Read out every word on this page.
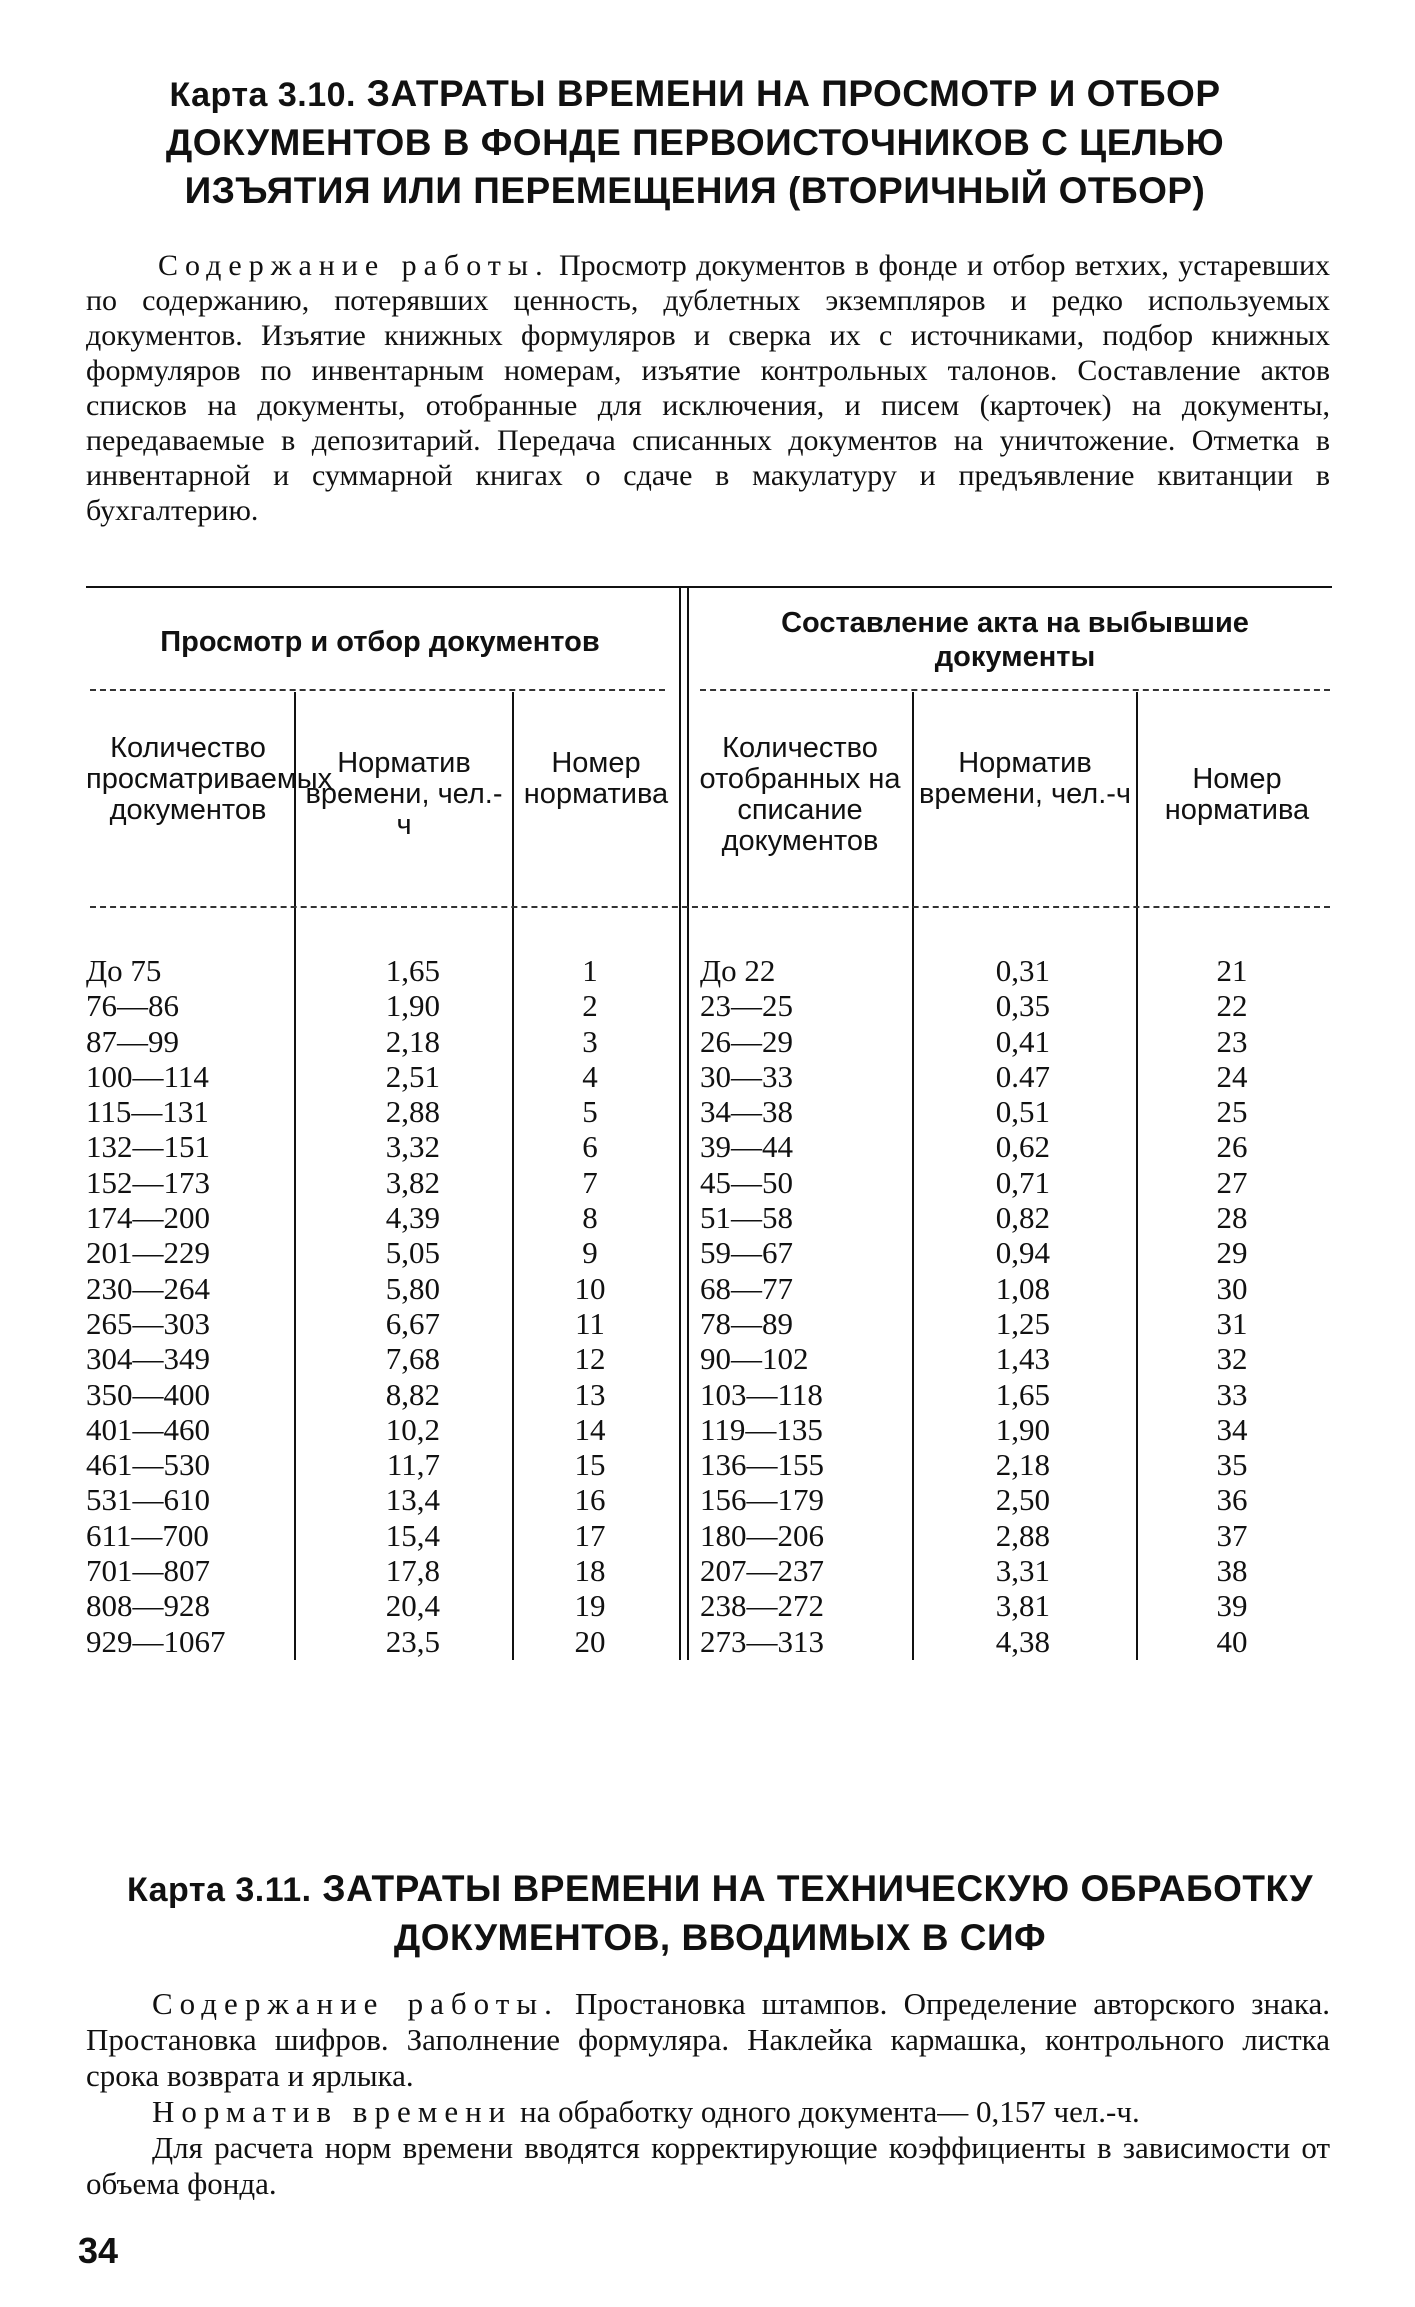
Карта 3.10. ЗАТРАТЫ ВРЕМЕНИ НА ПРОСМОТР И ОТБОР
ДОКУМЕНТОВ В ФОНДЕ ПЕРВОИСТОЧНИКОВ С ЦЕЛЬЮ
ИЗЪЯТИЯ ИЛИ ПЕРЕМЕЩЕНИЯ (ВТОРИЧНЫЙ ОТБОР)
Содержание работы. Просмотр документов в фонде и отбор ветхих, устаревших по содержанию, потерявших ценность, дублетных экземпляров и редко используемых документов. Изъятие книжных формуляров и сверка их с источниками, подбор книжных формуляров по инвентарным номерам, изъятие контрольных талонов. Составление актов списков на документы, отобранные для исключения, и писем (карточек) на документы, передаваемые в депозитарий. Передача списанных документов на уничтожение. Отметка в инвентарной и суммарной книгах о сдаче в макулатуру и предъявление квитанции в бухгалтерию.
Просмотр и отбор документов
Составление акта на выбывшие документы
Количество просматриваемых документов
Норматив времени, чел.-ч
Номер норматива
Количество отобранных на списание документов
Норматив времени, чел.-ч	Номер норматива
До 75
76—86
87—99
100—114
115—131
132—151
152—173
174—200
201—229
230—264
265—303
304—349
350—400
401—460
461—530
531—610
611—700
701—807
808—928
929—1067
1,65
1,90
2,18
2,51
2,88
3,32
3,82
4,39
5,05
5,80
6,67
7,68
8,82
10,2
11,7
13,4
15,4
17,8
20,4
23,5
1
2
3
4
5
6
7
8
9
10
11
12
13
14
15
16
17
18
19
20
До 22
23—25
26—29
30—33
34—38
39—44
45—50
51—58
59—67
68—77
78—89
90—102
103—118
119—135
136—155
156—179
180—206
207—237
238—272
273—313
0,31
0,35
0,41
0.47
0,51
0,62
0,71
0,82
0,94
1,08
1,25
1,43
1,65
1,90
2,18
2,50
2,88
3,31
3,81
4,38
21
22
23
24
25
26
27
28
29
30
31
32
33
34
35
36
37
38
39
40
Карта 3.11. ЗАТРАТЫ ВРЕМЕНИ НА ТЕХНИЧЕСКУЮ ОБРАБОТКУ
ДОКУМЕНТОВ, ВВОДИМЫХ В СИФ
Содержание работы. Простановка штампов. Определение авторского знака. Простановка шифров. Заполнение формуляра. Наклейка кармашка, контрольного листка срока возврата и ярлыка.
Норматив времени на обработку одного документа— 0,157 чел.-ч.
Для расчета норм времени вводятся корректирующие коэффициенты в зависимости от объема фонда.
34
